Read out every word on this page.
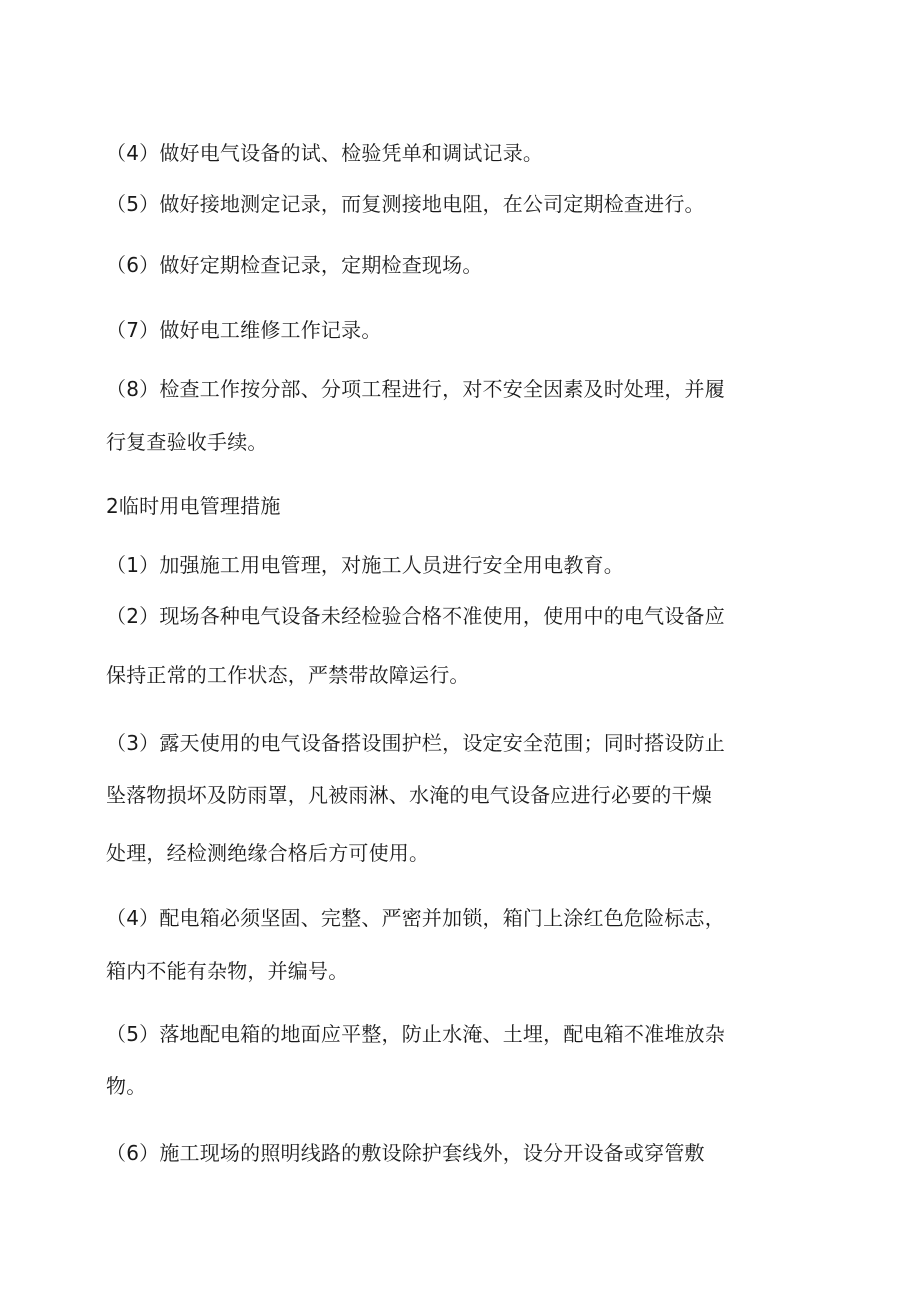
（4）做好电气设备的试、检验凭单和调试记录。

（5）做好接地测定记录，而复测接地电阻，在公司定期检查进行。

（6）做好定期检查记录，定期检查现场。

（7）做好电工维修工作记录。

（8）检查工作按分部、分项工程进行，对不安全因素及时处理，并履

行复查验收手续。

2临时用电管理措施

（1）加强施工用电管理，对施工人员进行安全用电教育。

（2）现场各种电气设备未经检验合格不准使用，使用中的电气设备应

保持正常的工作状态，严禁带故障运行。

（3）露天使用的电气设备搭设围护栏，设定安全范围；同时搭设防止

坠落物损坏及防雨罩，凡被雨淋、水淹的电气设备应进行必要的干燥

处理，经检测绝缘合格后方可使用。

（4）配电箱必须坚固、完整、严密并加锁，箱门上涂红色危险标志，

箱内不能有杂物，并编号。

（5）落地配电箱的地面应平整，防止水淹、土埋，配电箱不准堆放杂

物。

（6）施工现场的照明线路的敷设除护套线外，设分开设备或穿管敷
